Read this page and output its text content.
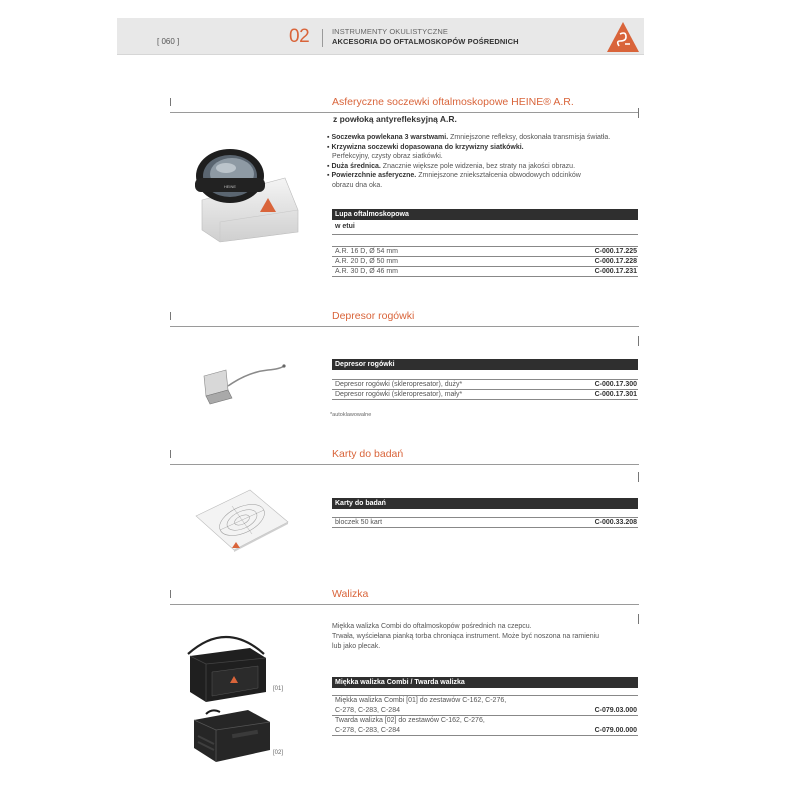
[ 060 ]	02	INSTRUMENTY OKULISTYCZNE
AKCESORIA DO OFTALMOSKOPÓW POŚREDNICH
Asferyczne soczewki oftalmoskopowe HEINE® A.R.
z powłoką antyrefleksyjną A.R.
HEINE
▪ Soczewka powlekana 3 warstwami. Zmniejszone refleksy, doskonała transmisja światła.
▪ Krzywizna soczewki dopasowana do krzywizny siatkówki.
Perfekcyjny, czysty obraz siatkówki.
▪ Duża średnica. Znacznie większe pole widzenia, bez straty na jakości obrazu.
▪ Powierzchnie asferyczne. Zmniejszone zniekształcenia obwodowych odcinków
obrazu dna oka.
Lupa oftalmoskopowa
w etui
A.R. 16 D, Ø 54 mm	C-000.17.225
A.R. 20 D, Ø 50 mm	C-000.17.228
A.R. 30 D, Ø 46 mm	C-000.17.231
Depresor rogówki
Depresor rogówki
Depresor rogówki (skleropresator), duży*	C-000.17.300
Depresor rogówki (skleropresator), mały*	C-000.17.301
*autoklawowalne
Karty do badań
Karty do badań
bloczek 50 kart	C-000.33.208
Walizka
Miękka walizka Combi do oftalmoskopów pośrednich na czepcu.
Trwała, wyściełana pianką torba chroniąca instrument. Może być noszona na ramieniu
lub jako plecak.
[01]
[02]
Miękka walizka Combi / Twarda walizka
Miękka walizka Combi [01] do zestawów C-162, C-276,
C-278, C-283, C-284	C-079.03.000
Twarda walizka [02] do zestawów C-162, C-276,
C-278, C-283, C-284	C-079.00.000
